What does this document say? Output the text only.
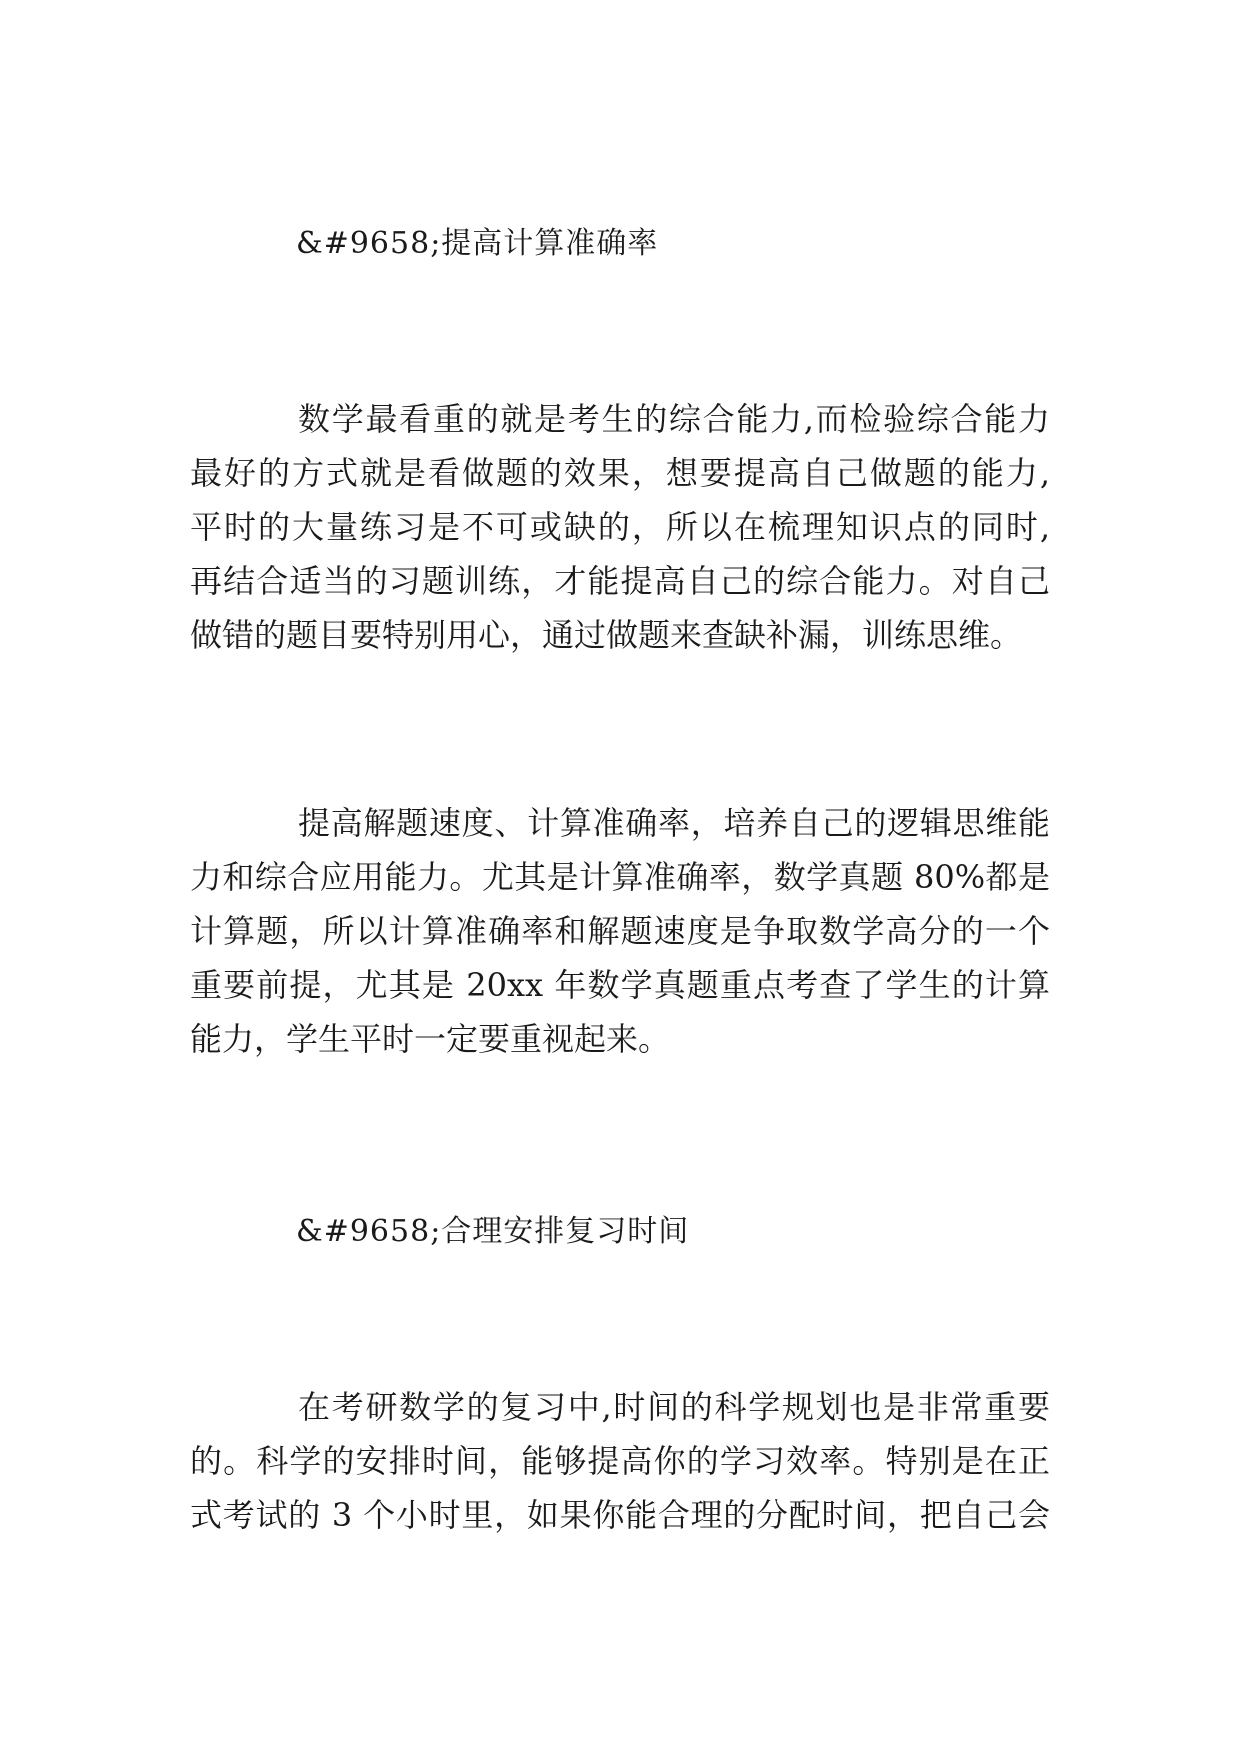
&#9658;提高计算准确率
数学最看重的就是考生的综合能力,而检验综合能力
最好的方式就是看做题的效果，想要提高自己做题的能力,
平时的大量练习是不可或缺的，所以在梳理知识点的同时,
再结合适当的习题训练，才能提高自己的综合能力。对自己
做错的题目要特别用心，通过做题来查缺补漏，训练思维。
提高解题速度、计算准确率，培养自己的逻辑思维能
力和综合应用能力。尤其是计算准确率，数学真题 80%都是
计算题，所以计算准确率和解题速度是争取数学高分的一个
重要前提，尤其是 20xx 年数学真题重点考查了学生的计算
能力，学生平时一定要重视起来。
&#9658;合理安排复习时间
在考研数学的复习中,时间的科学规划也是非常重要
的。科学的安排时间，能够提高你的学习效率。特别是在正
式考试的 3 个小时里，如果你能合理的分配时间，把自己会
